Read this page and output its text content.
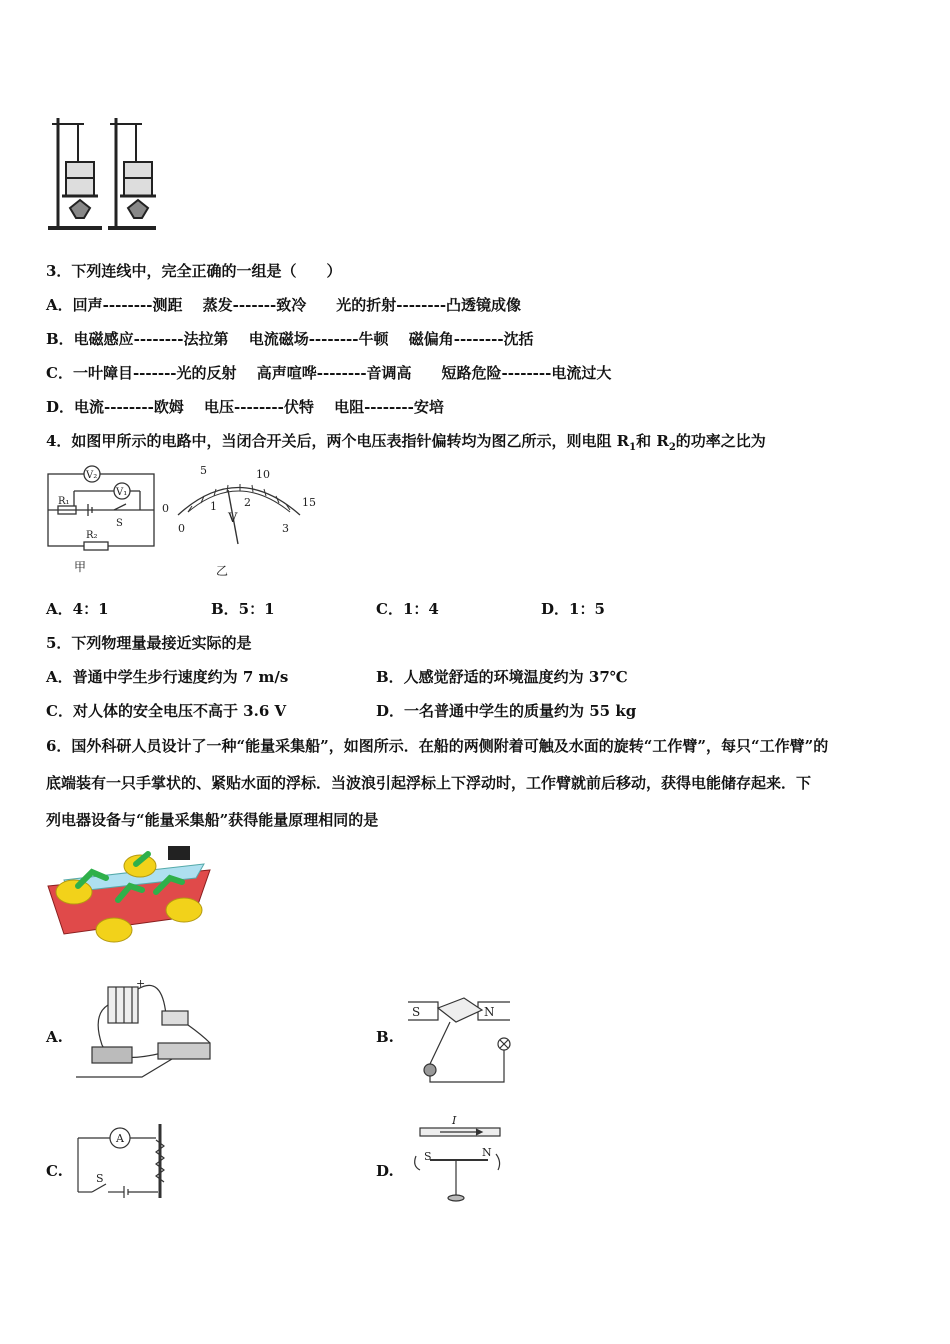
3．下列连线中，完全正确的一组是（　　）
A．回声--------测距　 蒸发-------致冷　　光的折射--------凸透镜成像
B．电磁感应--------法拉第　 电流磁场--------牛顿　 磁偏角--------沈括
C．一叶障目-------光的反射　 高声喧哗--------音调高　　短路危险--------电流过大
D．电流--------欧姆　 电压--------伏特　 电阻--------安培
4．如图甲所示的电路中，当闭合开关后，两个电压表指针偏转均为图乙所示，则电阻 $R_1$和 $R_2$的功率之比为
V₂
V₁
R₁
S
R₂
甲
0
5	10
15
0
1 2
3
V
乙
A．4：1	B．5：1	C．1：4	D．1：5
5．下列物理量最接近实际的是
A．普通中学生步行速度约为 7 m/s	B．人感觉舒适的环境温度约为 37℃
C．对人体的安全电压不高于 3.6 V	D．一名普通中学生的质量约为 55 kg
6．国外科研人员设计了一种“能量采集船”，如图所示．在船的两侧附着可触及水面的旋转“工作臂”，每只“工作臂”的
底端装有一只手掌状的、紧贴水面的浮标．当波浪引起浮标上下浮动时，工作臂就前后移动，获得电能储存起来．下
列电器设备与“能量采集船”获得能量原理相同的是
A.
+
B.
S	N
C.
A
S	D.
I
S	N
